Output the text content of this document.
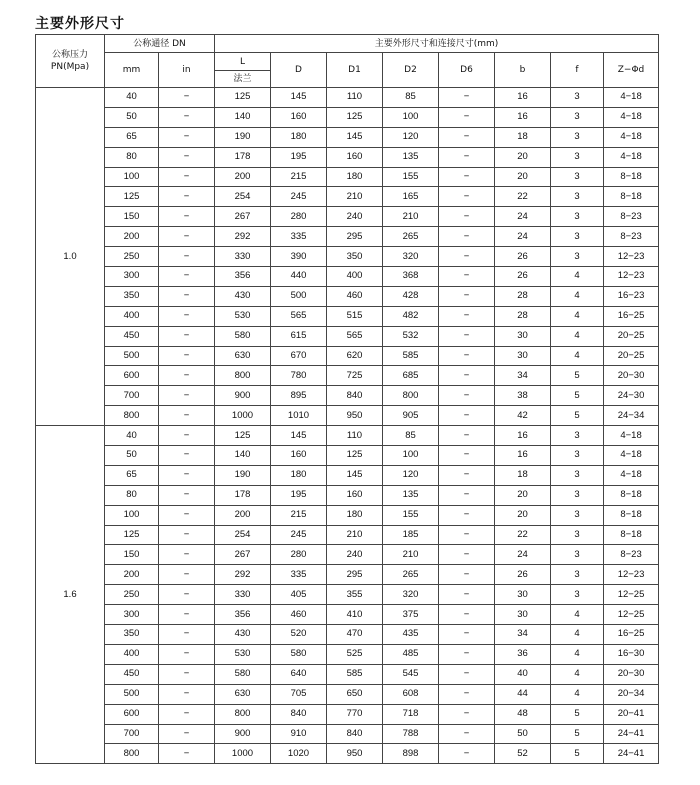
主要外形尺寸
公称压力
PN(Mpa)	公称通径 DN		主要外形尺寸和连接尺寸(mm)							
	mm	in	L	D	D1	D2	D6	b	f	Z−Φd
			法兰							
1.0	40	−	125	145	110	85	−	16	3	4−18
	50	−	140	160	125	100	−	16	3	4−18
	65	−	190	180	145	120	−	18	3	4−18
	80	−	178	195	160	135	−	20	3	4−18
	100	−	200	215	180	155	−	20	3	8−18
	125	−	254	245	210	165	−	22	3	8−18
	150	−	267	280	240	210	−	24	3	8−23
	200	−	292	335	295	265	−	24	3	8−23
	250	−	330	390	350	320	−	26	3	12−23
	300	−	356	440	400	368	−	26	4	12−23
	350	−	430	500	460	428	−	28	4	16−23
	400	−	530	565	515	482	−	28	4	16−25
	450	−	580	615	565	532	−	30	4	20−25
	500	−	630	670	620	585	−	30	4	20−25
	600	−	800	780	725	685	−	34	5	20−30
	700	−	900	895	840	800	−	38	5	24−30
	800	−	1000	1010	950	905	−	42	5	24−34
1.6	40	−	125	145	110	85	−	16	3	4−18
	50	−	140	160	125	100	−	16	3	4−18
	65	−	190	180	145	120	−	18	3	4−18
	80	−	178	195	160	135	−	20	3	8−18
	100	−	200	215	180	155	−	20	3	8−18
	125	−	254	245	210	185	−	22	3	8−18
	150	−	267	280	240	210	−	24	3	8−23
	200	−	292	335	295	265	−	26	3	12−23
	250	−	330	405	355	320	−	30	3	12−25
	300	−	356	460	410	375	−	30	4	12−25
	350	−	430	520	470	435	−	34	4	16−25
	400	−	530	580	525	485	−	36	4	16−30
	450	−	580	640	585	545	−	40	4	20−30
	500	−	630	705	650	608	−	44	4	20−34
	600	−	800	840	770	718	−	48	5	20−41
	700	−	900	910	840	788	−	50	5	24−41
	800	−	1000	1020	950	898	−	52	5	24−41
